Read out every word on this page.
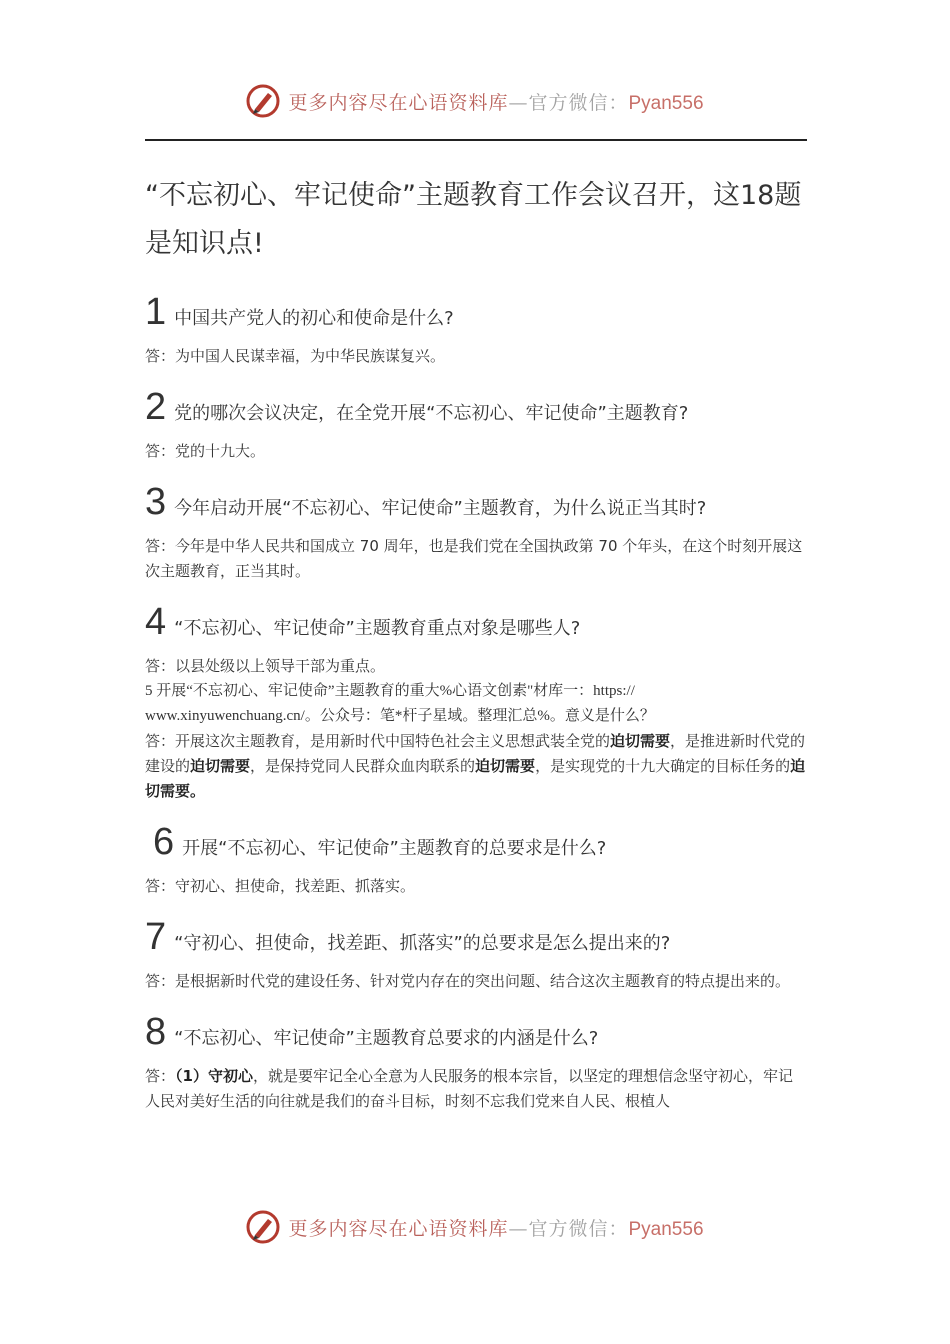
更多内容尽在心语资料库—官方微信：Pyan556
“不忘初心、牢记使命”主题教育工作会议召开，这18题是知识点!
1 中国共产党人的初心和使命是什么?

答：为中国人民谋幸福，为中华民族谋复兴。

2 党的哪次会议决定，在全党开展“不忘初心、牢记使命”主题教育?

答：党的十九大。

3 今年启动开展“不忘初心、牢记使命”主题教育，为什么说正当其时?

答：今年是中华人民共和国成立 70 周年，也是我们党在全国执政第 70 个年头，在这个时刻开展这次主题教育，正当其时。

4 “不忘初心、牢记使命”主题教育重点对象是哪些人?

答：以县处级以上领导干部为重点。

5 开展“不忘初心、牢记使命”主题教育的重大%心语文创素"材库一：https://

www.xinyuwenchuang.cn/。公众号：笔*杆子星域。整理汇总%。意义是什么？

答：开展这次主题教育，是用新时代中国特色社会主义思想武装全党的迫切需要，是推进新时代党的建设的迫切需要，是保持党同人民群众血肉联系的迫切需要，是实现党的十九大确定的目标任务的迫切需要。

6 开展“不忘初心、牢记使命”主题教育的总要求是什么?

答：守初心、担使命，找差距、抓落实。

7 “守初心、担使命，找差距、抓落实”的总要求是怎么提出来的?

答：是根据新时代党的建设任务、针对党内存在的突出问题、结合这次主题教育的特点提出来的。

8 “不忘初心、牢记使命”主题教育总要求的内涵是什么?

答：（1）守初心，就是要牢记全心全意为人民服务的根本宗旨，以坚定的理想信念坚守初心，牢记人民对美好生活的向往就是我们的奋斗目标，时刻不忘我们党来自人民、根植人

更多内容尽在心语资料库—官方微信：Pyan556
